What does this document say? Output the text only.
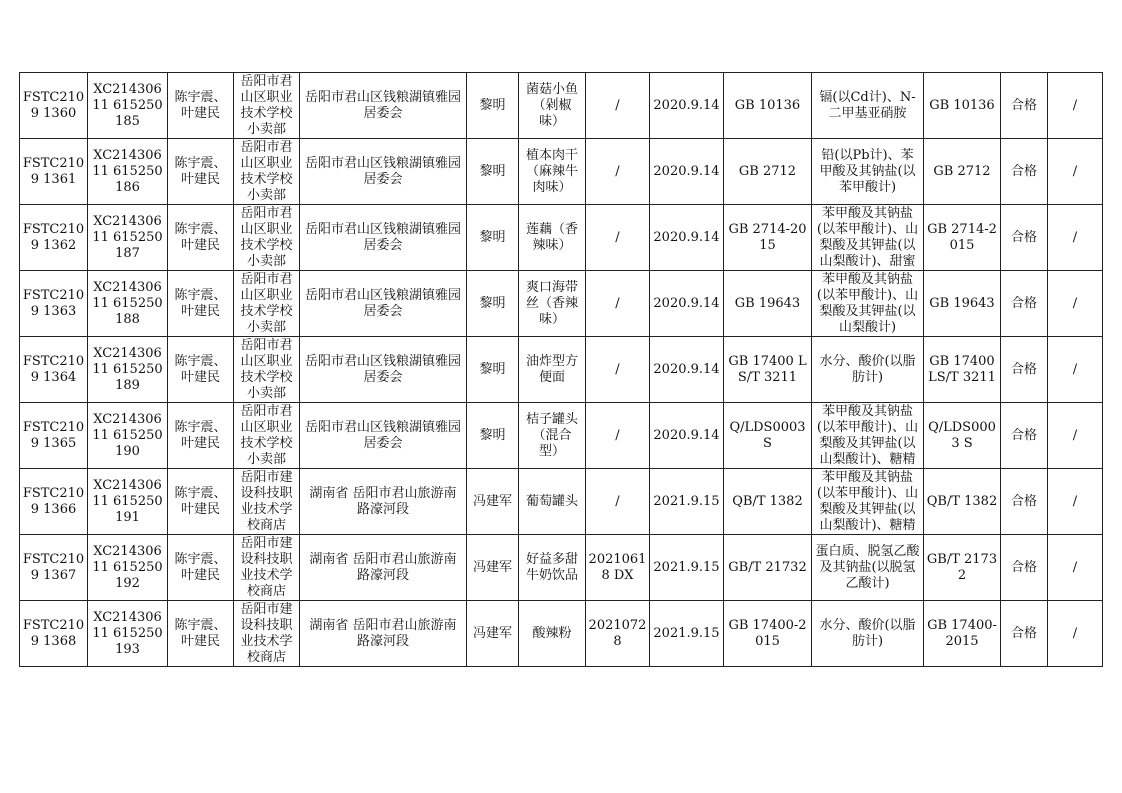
FSTC2109 1360	XC21430611 615250185	陈宇震、叶建民	岳阳市君山区职业技术学校小卖部	岳阳市君山区钱粮湖镇雅园居委会	黎明	菌菇小鱼（剁椒味）	/	2020.9.14	GB 10136	镉(以Cd计)、N-二甲基亚硝胺	GB 10136	合格	/

FSTC2109 1361	XC21430611 615250186	陈宇震、叶建民	岳阳市君山区职业技术学校小卖部	岳阳市君山区钱粮湖镇雅园居委会	黎明	植本肉干（麻辣牛肉味）	/	2020.9.14	GB 2712	铅(以Pb计)、苯甲酸及其钠盐(以苯甲酸计)	GB 2712	合格	/

FSTC2109 1362	XC21430611 615250187	陈宇震、叶建民	岳阳市君山区职业技术学校小卖部	岳阳市君山区钱粮湖镇雅园居委会	黎明	莲藕（香辣味）	/	2020.9.14	GB 2714-2015	苯甲酸及其钠盐(以苯甲酸计)、山梨酸及其钾盐(以山梨酸计)、甜蜜	GB 2714-2015	合格	/

FSTC2109 1363	XC21430611 615250188	陈宇震、叶建民	岳阳市君山区职业技术学校小卖部	岳阳市君山区钱粮湖镇雅园居委会	黎明	爽口海带丝（香辣味）	/	2020.9.14	GB 19643	苯甲酸及其钠盐(以苯甲酸计)、山梨酸及其钾盐(以山梨酸计)	GB 19643	合格	/

FSTC2109 1364	XC21430611 615250189	陈宇震、叶建民	岳阳市君山区职业技术学校小卖部	岳阳市君山区钱粮湖镇雅园居委会	黎明	油炸型方便面	/	2020.9.14	GB 17400 LS/T 3211	水分、酸价(以脂肪计)	GB 17400 LS/T 3211	合格	/

FSTC2109 1365	XC21430611 615250190	陈宇震、叶建民	岳阳市君山区职业技术学校小卖部	岳阳市君山区钱粮湖镇雅园居委会	黎明	桔子罐头（混合型）	/	2020.9.14	Q/LDS0003S	苯甲酸及其钠盐(以苯甲酸计)、山梨酸及其钾盐(以山梨酸计)、糖精	Q/LDS0003 S	合格	/

FSTC2109 1366	XC21430611 615250191	陈宇震、叶建民	岳阳市建设科技职业技术学校商店	湖南省 岳阳市君山旅游南路濠河段	冯建军	葡萄罐头	/	2021.9.15	QB/T 1382	苯甲酸及其钠盐(以苯甲酸计)、山梨酸及其钾盐(以山梨酸计)、糖精	QB/T 1382	合格	/

FSTC2109 1367	XC21430611 615250192	陈宇震、叶建民	岳阳市建设科技职业技术学校商店	湖南省 岳阳市君山旅游南路濠河段	冯建军	好益多甜牛奶饮品	20210618 DX	2021.9.15	GB/T 21732	蛋白质、脱氢乙酸及其钠盐(以脱氢乙酸计)	GB/T 21732	合格	/

FSTC2109 1368	XC21430611 615250193	陈宇震、叶建民	岳阳市建设科技职业技术学校商店	湖南省 岳阳市君山旅游南路濠河段	冯建军	酸辣粉	20210728	2021.9.15	GB 17400-2015	水分、酸价(以脂肪计)	GB 17400-2015	合格	/
